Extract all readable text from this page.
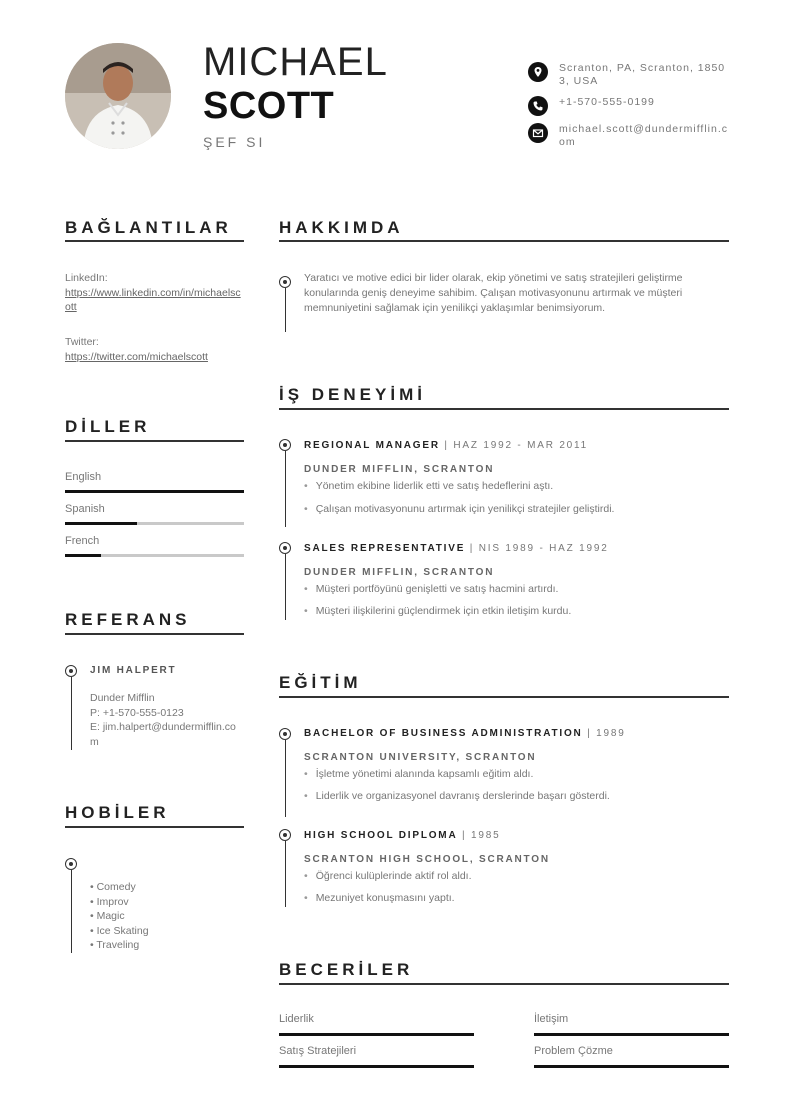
MICHAEL
SCOTT
ŞEF SI
Scranton, PA, Scranton, 18503, USA
+1-570-555-0199
michael.scott@dundermifflin.com
BAĞLANTILAR
LinkedIn:
https://www.linkedin.com/in/michaelscott
Twitter:
https://twitter.com/michaelscott
DİLLER
English
Spanish
French
REFERANS
JIM HALPERT
Dunder Mifflin
P: +1-570-555-0123
E: jim.halpert@dundermifflin.com
HOBİLER
• Comedy
• Improv
• Magic
• Ice Skating
• Traveling
HAKKIMDA
Yaratıcı ve motive edici bir lider olarak, ekip yönetimi ve satış stratejileri geliştirme konularında geniş deneyime sahibim. Çalışan motivasyonunu artırmak ve müşteri memnuniyetini sağlamak için yenilikçi yaklaşımlar benimsiyorum.
İŞ DENEYİMİ
REGIONAL MANAGER | HAZ 1992 - MAR 2011
DUNDER MIFFLIN, SCRANTON
• Yönetim ekibine liderlik etti ve satış hedeflerini aştı.
• Çalışan motivasyonunu artırmak için yenilikçi stratejiler geliştirdi.
SALES REPRESENTATIVE | NIS 1989 - HAZ 1992
DUNDER MIFFLIN, SCRANTON
• Müşteri portföyünü genişletti ve satış hacmini artırdı.
• Müşteri ilişkilerini güçlendirmek için etkin iletişim kurdu.
EĞİTİM
BACHELOR OF BUSINESS ADMINISTRATION | 1989
SCRANTON UNIVERSITY, SCRANTON
• İşletme yönetimi alanında kapsamlı eğitim aldı.
• Liderlik ve organizasyonel davranış derslerinde başarı gösterdi.
HIGH SCHOOL DIPLOMA | 1985
SCRANTON HIGH SCHOOL, SCRANTON
• Öğrenci kulüplerinde aktif rol aldı.
• Mezuniyet konuşmasını yaptı.
BECERİLER
Liderlik	İletişim
Satış Stratejileri	Problem Çözme
